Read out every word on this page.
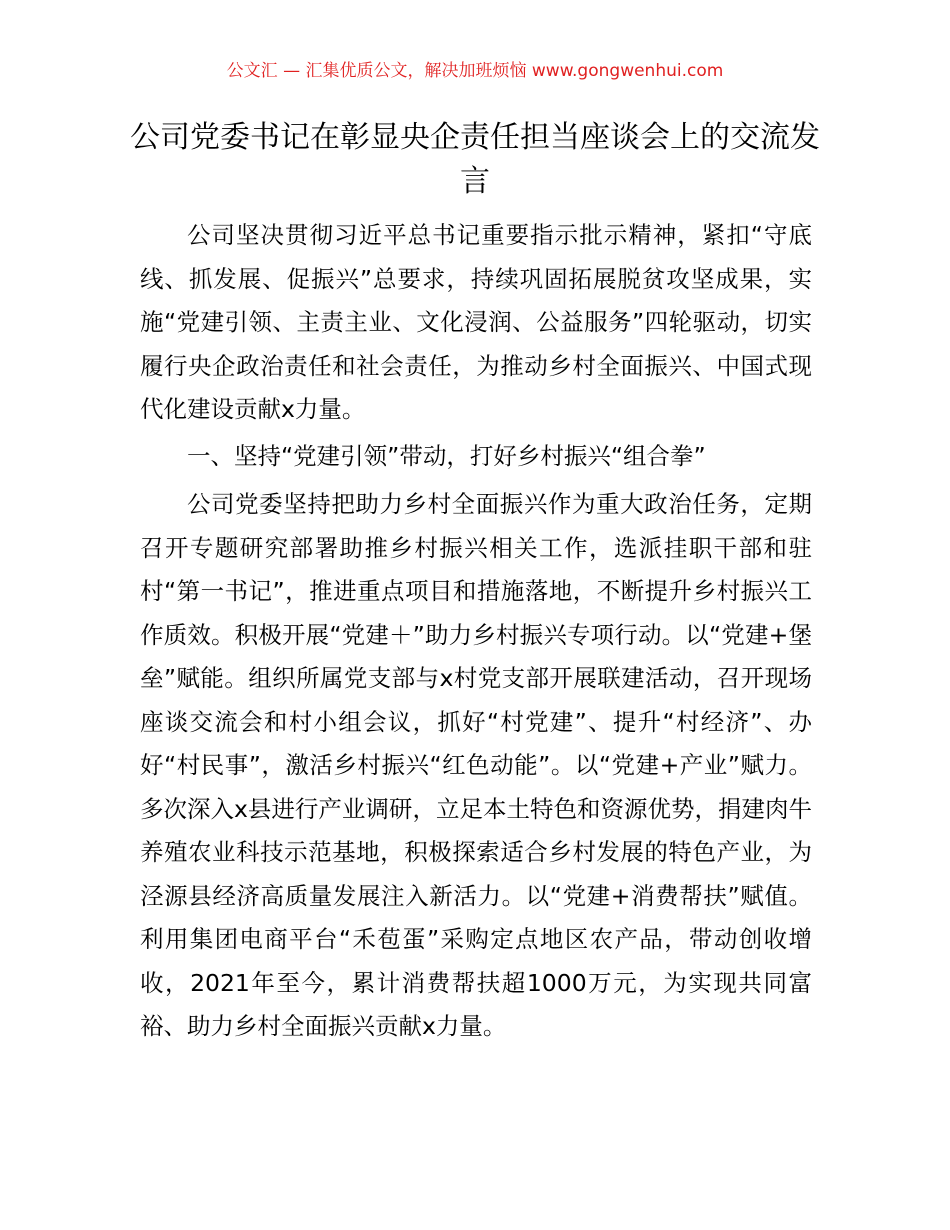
公文汇 — 汇集优质公文，解决加班烦恼 www.gongwenhui.com
公司党委书记在彰显央企责任担当座谈会上的交流发言

公司坚决贯彻习近平总书记重要指示批示精神，紧扣“守底线、抓发展、促振兴”总要求，持续巩固拓展脱贫攻坚成果，实施“党建引领、主责主业、文化浸润、公益服务”四轮驱动，切实履行央企政治责任和社会责任，为推动乡村全面振兴、中国式现代化建设贡献x力量。

一、坚持“党建引领”带动，打好乡村振兴“组合拳”

公司党委坚持把助力乡村全面振兴作为重大政治任务，定期召开专题研究部署助推乡村振兴相关工作，选派挂职干部和驻村“第一书记”，推进重点项目和措施落地，不断提升乡村振兴工作质效。积极开展“党建＋”助力乡村振兴专项行动。以“党建+堡垒”赋能。组织所属党支部与x村党支部开展联建活动，召开现场座谈交流会和村小组会议，抓好“村党建”、提升“村经济”、办好“村民事”，激活乡村振兴“红色动能”。以“党建+产业”赋力。多次深入x县进行产业调研，立足本土特色和资源优势，捐建肉牛养殖农业科技示范基地，积极探索适合乡村发展的特色产业，为泾源县经济高质量发展注入新活力。以“党建+消费帮扶”赋值。利用集团电商平台“禾苞蛋”采购定点地区农产品，带动创收增收，2021年至今，累计消费帮扶超1000万元，为实现共同富裕、助力乡村全面振兴贡献x力量。
